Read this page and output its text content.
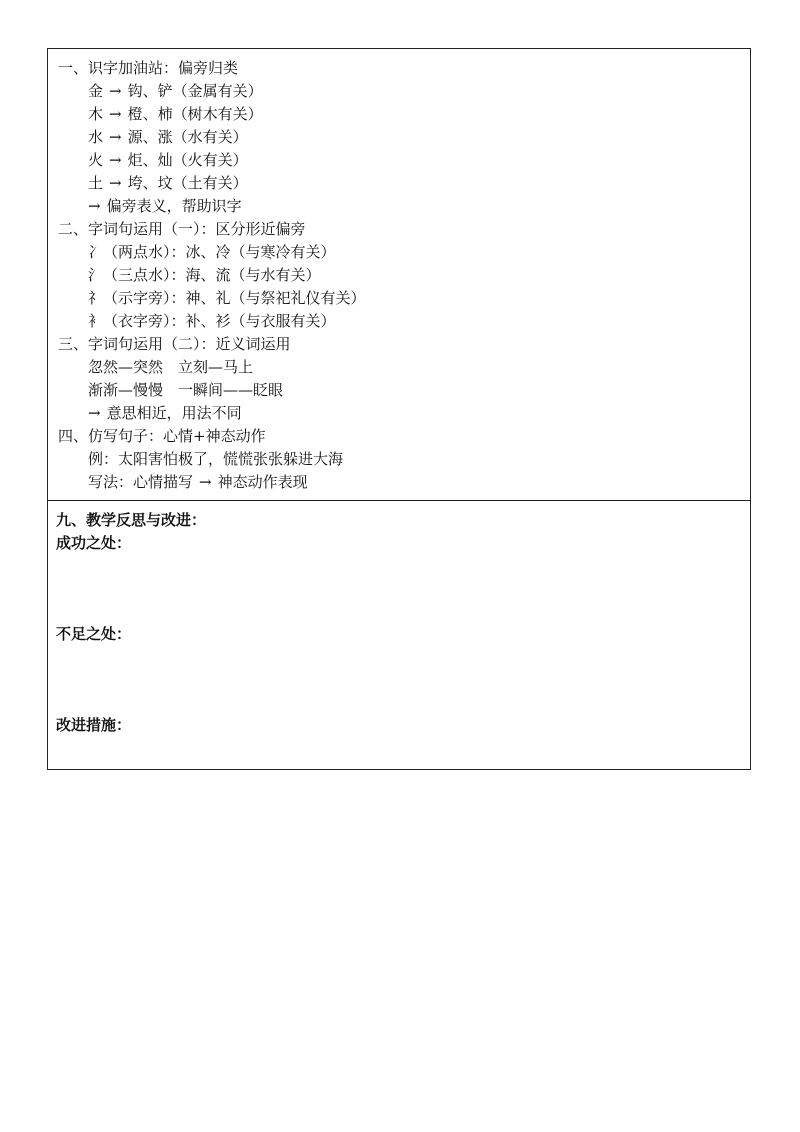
一、识字加油站：偏旁归类
金 → 钩、铲（金属有关）
木 → 橙、柿（树木有关）
水 → 源、涨（水有关）
火 → 炬、灿（火有关）
土 → 垮、坟（土有关）
→ 偏旁表义，帮助识字
二、字词句运用（一）：区分形近偏旁
冫（两点水）：冰、冷（与寒冷有关）
氵（三点水）：海、流（与水有关）
礻（示字旁）：神、礼（与祭祀礼仪有关）
衤（衣字旁）：补、衫（与衣服有关）
三、字词句运用（二）：近义词运用
忽然—突然　立刻—马上
渐渐—慢慢　一瞬间——眨眼
→ 意思相近，用法不同
四、仿写句子：心情+神态动作
例：太阳害怕极了，慌慌张张躲进大海
写法：心情描写 → 神态动作表现
九、教学反思与改进：
成功之处：
不足之处：
改进措施：
